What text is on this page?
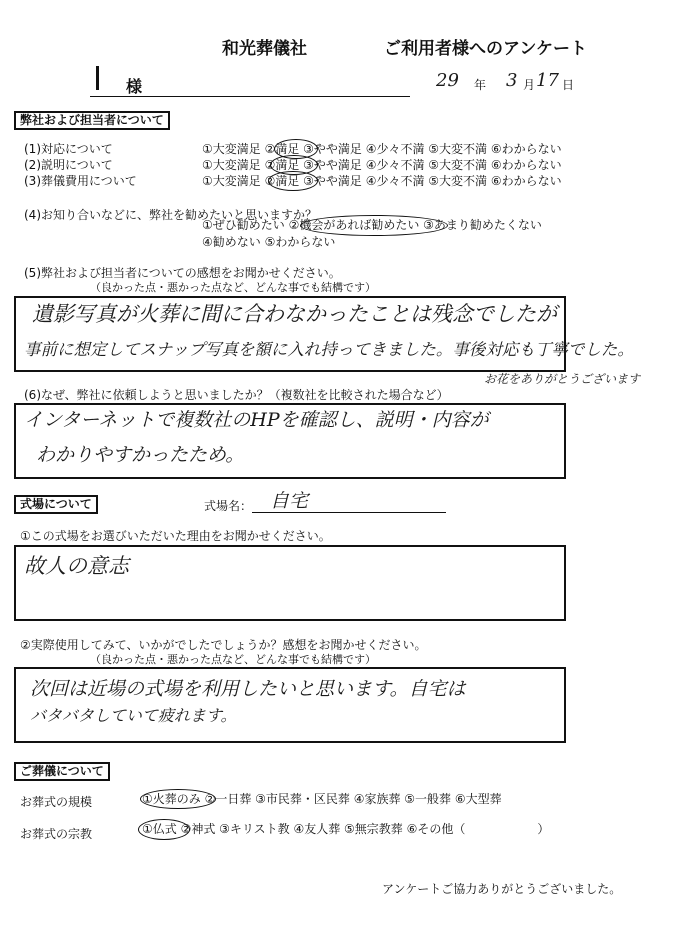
和光葬儀社	ご利用者様へのアンケート
様	29 年 3 月 17 日
弊社および担当者について
(1)対応について	①大変満足 ②満足 ③やや満足 ④少々不満 ⑤大変不満 ⑥わからない
(2)説明について	①大変満足 ②満足 ③やや満足 ④少々不満 ⑤大変不満 ⑥わからない
(3)葬儀費用について	①大変満足 ②満足 ③やや満足 ④少々不満 ⑤大変不満 ⑥わからない
(4)お知り合いなどに、弊社を勧めたいと思いますか？
①ぜひ勧めたい ②機会があれば勧めたい ③あまり勧めたくない
④勧めない ⑤わからない
(5)弊社および担当者についての感想をお聞かせください。
（良かった点・悪かった点など、どんな事でも結構です）
遺影写真が火葬に間に合わなかったことは残念でしたが
事前に想定してスナップ写真を額に入れ持ってきました。事後対応も丁寧でした。
お花をありがとうございます
(6)なぜ、弊社に依頼しようと思いましたか？（複数社を比較された場合など）
インターネットで複数社のHPを確認し、説明・内容が
わかりやすかったため。
式場について	式場名： 自宅
①この式場をお選びいただいた理由をお聞かせください。
故人の意志
②実際使用してみて、いかがでしたでしょうか？感想をお聞かせください。
（良かった点・悪かった点など、どんな事でも結構です）
次回は近場の式場を利用したいと思います。自宅は
バタバタしていて疲れます。
ご葬儀について
お葬式の規模	①火葬のみ ②一日葬 ③市民葬・区民葬 ④家族葬 ⑤一般葬 ⑥大型葬
お葬式の宗教	①仏式 ②神式 ③キリスト教 ④友人葬 ⑤無宗教葬 ⑥その他（　　　　　　）
アンケートご協力ありがとうございました。
